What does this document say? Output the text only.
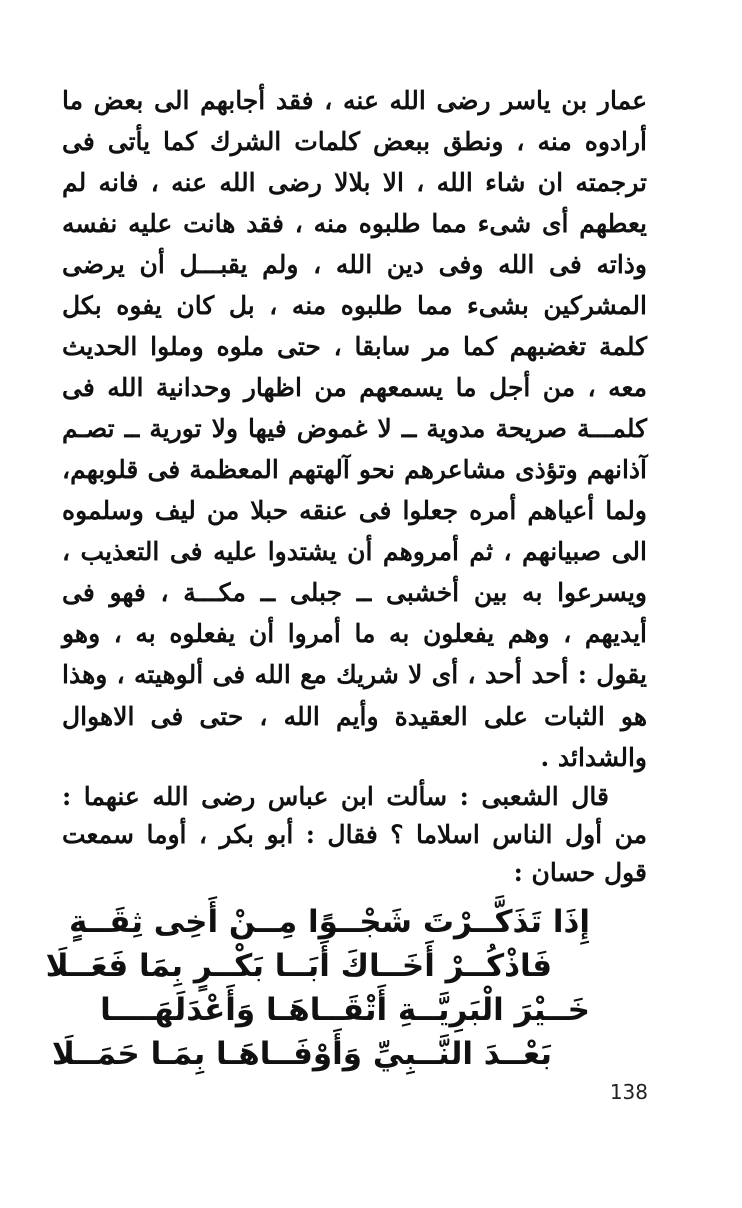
عمار بن ياسر رضى الله عنه ، فقد أجابهم الى بعض ما أرادوه منه ، ونطق ببعض كلمات الشرك كما يأتى فى ترجمته ان شاء الله ، الا بلالا رضى الله عنه ، فانه لم يعطهم أى شىء مما طلبوه منه ، فقد هانت عليه نفسه وذاته فى الله وفى دين الله ، ولم يقبـــل أن يرضى المشركين بشىء مما طلبوه منه ، بل كان يفوه بكل كلمة تغضبهم كما مر سابقا ، حتى ملوه وملوا الحديث معه ، من أجل ما يسمعهم من اظهار وحدانية الله فى كلمـــة صريحة مدوية ــ لا غموض فيها ولا تورية ــ تصـم آذانهم وتؤذى مشاعرهم نحو آلهتهم المعظمة فى قلوبهم، ولما أعياهم أمره جعلوا فى عنقه حبلا من ليف وسلموه الى صبيانهم ، ثم أمروهم أن يشتدوا عليه فى التعذيب ، ويسرعوا به بين أخشبى ــ جبلى ــ مكـــة ، فهو فى أيديهم ، وهم يفعلون به ما أمروا أن يفعلوه به ، وهو يقول : أحد أحد ، أى لا شريك مع الله فى ألوهيته ، وهذا هو الثبات على العقيدة وأيم الله ، حتى فى الاهوال والشدائد .
قال الشعبى : سألت ابن عباس رضى الله عنهما : من أول الناس اسلاما ؟ فقال : أبو بكر ، أوما سمعت قول حسان :
إِذَا تَذَكَّــرْتَ شَجْــوًا مِــنْ أَخِى ثِقَــةٍ
فَاذْكُــرْ أَخَــاكَ أَبَــا بَكْــرٍ بِمَا فَعَــلَا
خَــيْرَ الْبَرِيَّــةِ أَتْقَــاهَـا وَأَعْدَلَهَــــا
بَعْــدَ النَّــبِيِّ وَأَوْفَــاهَـا بِمَـا حَمَــلَا
138
